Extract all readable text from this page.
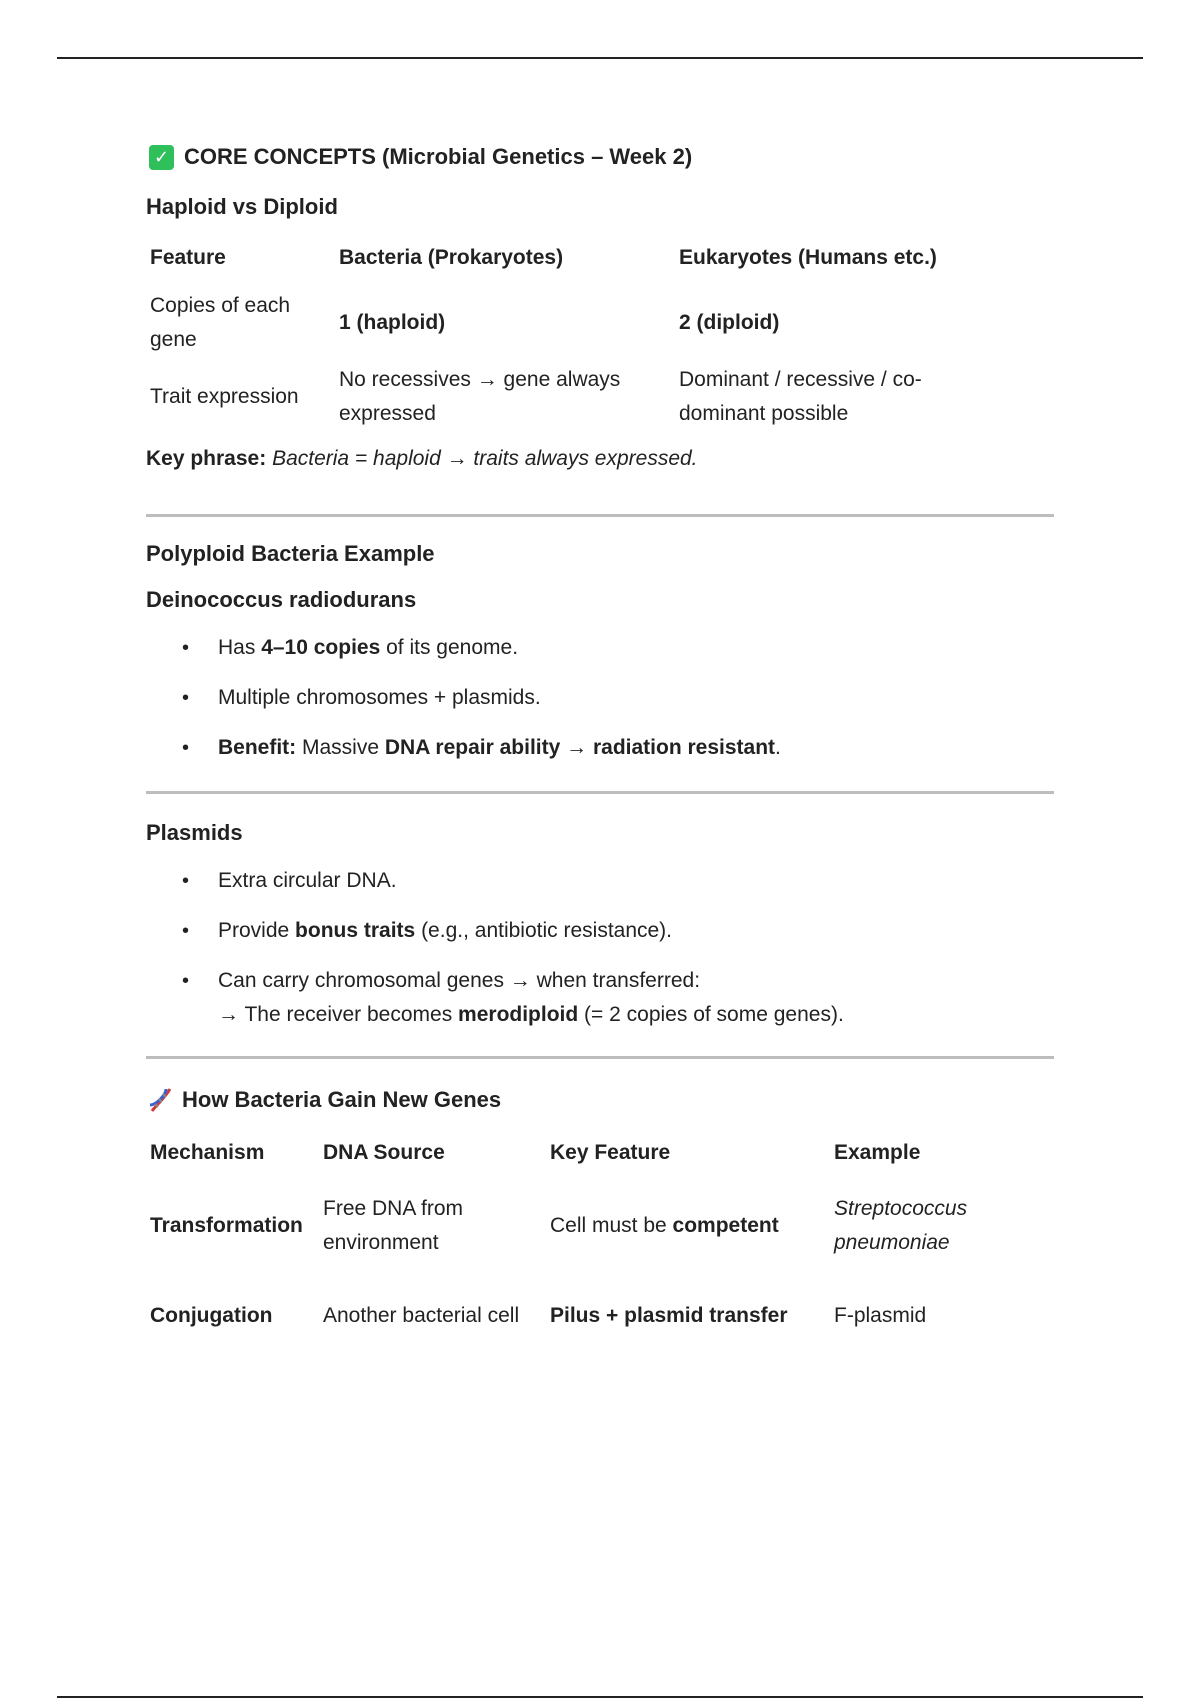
✓ CORE CONCEPTS (Microbial Genetics – Week 2)

Haploid vs Diploid

Feature	Bacteria (Prokaryotes)	Eukaryotes (Humans etc.)
Copies of each gene	1 (haploid)	2 (diploid)
Trait expression	No recessives → gene always expressed	Dominant / recessive / co-dominant possible

Key phrase: Bacteria = haploid → traits always expressed.

Polyploid Bacteria Example

Deinococcus radiodurans

• Has 4–10 copies of its genome.
• Multiple chromosomes + plasmids.
• Benefit: Massive DNA repair ability → radiation resistant.

Plasmids

• Extra circular DNA.
• Provide bonus traits (e.g., antibiotic resistance).
• Can carry chromosomal genes → when transferred:
→ The receiver becomes merodiploid (= 2 copies of some genes).
How Bacteria Gain New Genes
Mechanism	DNA Source	Key Feature	Example
Transformation	Free DNA from environment	Cell must be competent	Streptococcus pneumoniae
Conjugation	Another bacterial cell	Pilus + plasmid transfer	F-plasmid
